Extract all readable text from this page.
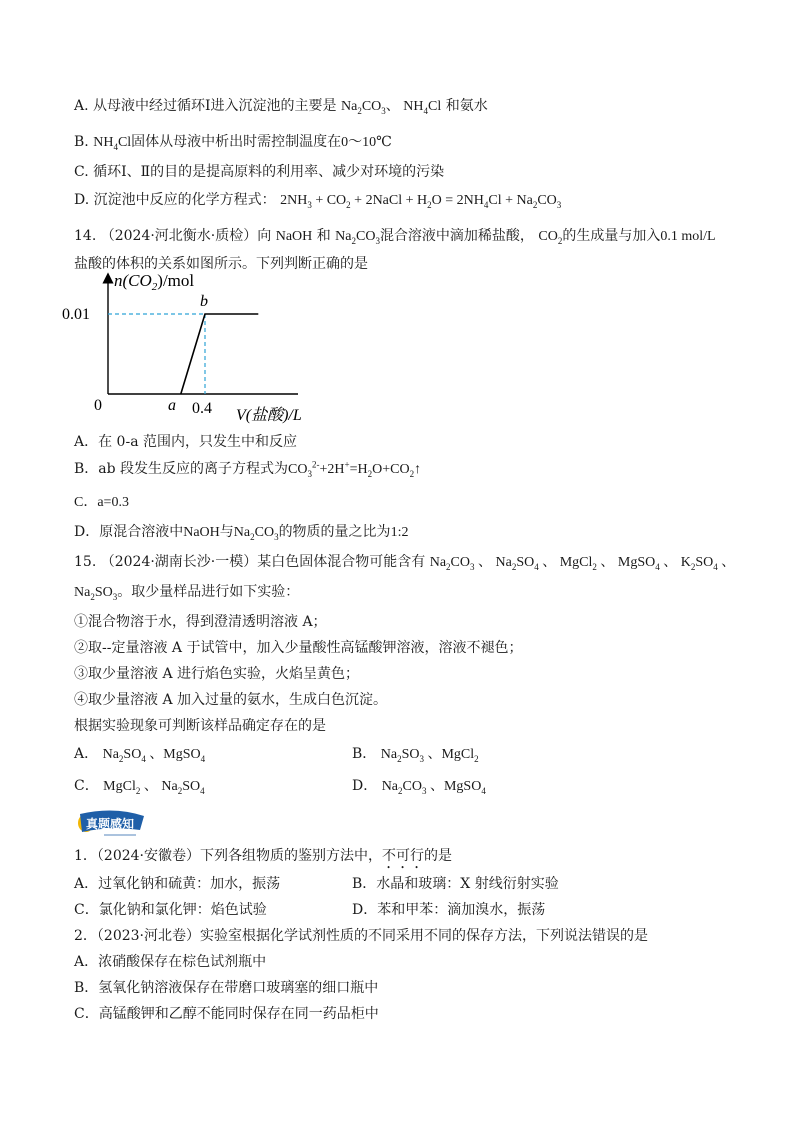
A. 从母液中经过循环Ⅰ进入沉淀池的主要是 $Na_2CO_3$、 $NH_4Cl$ 和氨水
B. $NH_4Cl$固体从母液中析出时需控制温度在0～10℃
C. 循环Ⅰ、Ⅱ的目的是提高原料的利用率、减少对环境的污染
D. 沉淀池中反应的化学方程式： $2NH_3 + CO_2$ + 2NaCl + $H_2O = 2NH_4Cl + Na_2CO_3$
14. （2024·河北衡水·质检）向 NaOH 和 $Na_2CO_3$混合溶液中滴加稀盐酸， $CO_2$的生成量与加入0.1 mol/L
盐酸的体积的关系如图所示。下列判断正确的是
$n(CO_2)$/mol
0.01
0	a 0.4
b
V(盐酸)/L
A．在 0-a 范围内，只发生中和反应
B．ab 段发生反应的离子方程式为$CO_3^{2-}+2H^+=H_2O+CO_2↑$
C．a=0.3
D．原混合溶液中NaOH与$Na_2CO_3$的物质的量之比为1:2
15. （2024·湖南长沙·一模）某白色固体混合物可能含有 $Na_2CO_3$ 、 $Na_2SO_4$ 、 MgCl$_2$ 、 MgSO$_4$ 、 $K_2SO_4$ 、
$Na_2SO_3$。取少量样品进行如下实验：
①混合物溶于水，得到澄清透明溶液 A；
②取--定量溶液 A 于试管中，加入少量酸性高锰酸钾溶液，溶液不褪色；
③取少量溶液 A 进行焰色实验，火焰呈黄色；
④取少量溶液 A 加入过量的氨水，生成白色沉淀。
根据实验现象可判断该样品确定存在的是
A． $Na_2SO_4$ 、MgSO$_4$	B． $Na_2SO_3$ 、MgCl$_2$
C． MgCl$_2$ 、 $Na_2SO_4$	D． $Na_2CO_3$ 、MgSO$_4$
真题感知
1．（2024·安徽卷）下列各组物质的鉴别方法中，不可行的是
A．过氧化钠和硫黄：加水，振荡	B．水晶和玻璃：X 射线衍射实验
C．氯化钠和氯化钾：焰色试验	D．苯和甲苯：滴加溴水，振荡
2．（2023·河北卷）实验室根据化学试剂性质的不同采用不同的保存方法，下列说法错误的是
A．浓硝酸保存在棕色试剂瓶中
B．氢氧化钠溶液保存在带磨口玻璃塞的细口瓶中
C．高锰酸钾和乙醇不能同时保存在同一药品柜中
